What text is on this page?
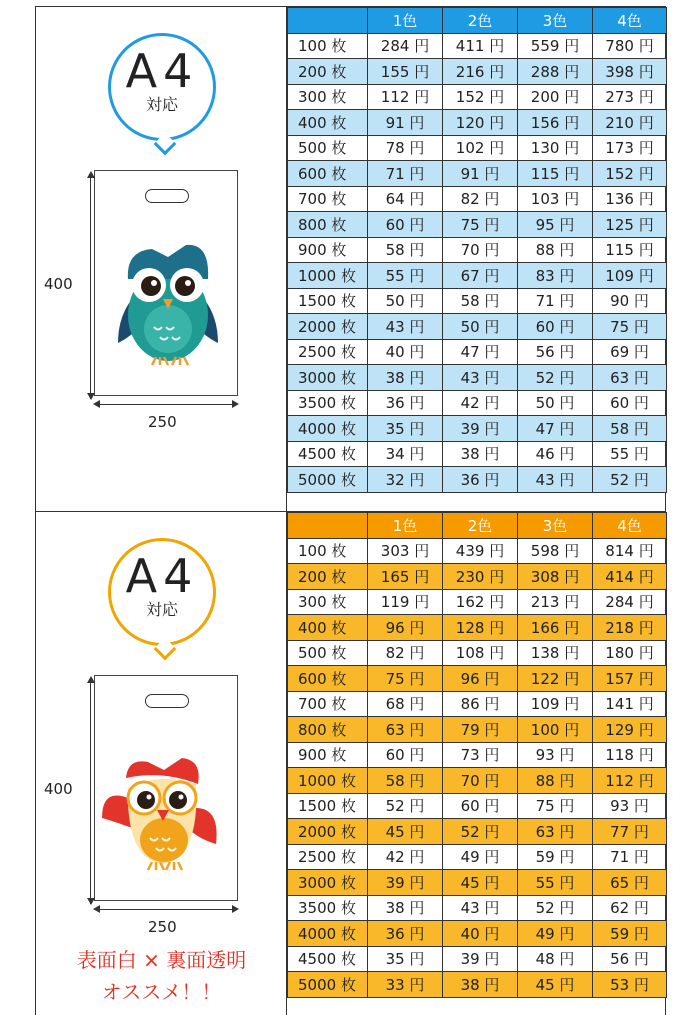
A4
対応
400
250
	1色	2色	3色	4色
100 枚	284 円	411 円	559 円	780 円
200 枚	155 円	216 円	288 円	398 円
300 枚	112 円	152 円	200 円	273 円
400 枚	91 円	120 円	156 円	210 円
500 枚	78 円	102 円	130 円	173 円
600 枚	71 円	91 円	115 円	152 円
700 枚	64 円	82 円	103 円	136 円
800 枚	60 円	75 円	95 円	125 円
900 枚	58 円	70 円	88 円	115 円
1000 枚	55 円	67 円	83 円	109 円
1500 枚	50 円	58 円	71 円	90 円
2000 枚	43 円	50 円	60 円	75 円
2500 枚	40 円	47 円	56 円	69 円
3000 枚	38 円	43 円	52 円	63 円
3500 枚	36 円	42 円	50 円	60 円
4000 枚	35 円	39 円	47 円	58 円
4500 枚	34 円	38 円	46 円	55 円
5000 枚	32 円	36 円	43 円	52 円
A4
対応
400
250
表面白 × 裏面透明
オススメ！！
	1色	2色	3色	4色
100 枚	303 円	439 円	598 円	814 円
200 枚	165 円	230 円	308 円	414 円
300 枚	119 円	162 円	213 円	284 円
400 枚	96 円	128 円	166 円	218 円
500 枚	82 円	108 円	138 円	180 円
600 枚	75 円	96 円	122 円	157 円
700 枚	68 円	86 円	109 円	141 円
800 枚	63 円	79 円	100 円	129 円
900 枚	60 円	73 円	93 円	118 円
1000 枚	58 円	70 円	88 円	112 円
1500 枚	52 円	60 円	75 円	93 円
2000 枚	45 円	52 円	63 円	77 円
2500 枚	42 円	49 円	59 円	71 円
3000 枚	39 円	45 円	55 円	65 円
3500 枚	38 円	43 円	52 円	62 円
4000 枚	36 円	40 円	49 円	59 円
4500 枚	35 円	39 円	48 円	56 円
5000 枚	33 円	38 円	45 円	53 円
